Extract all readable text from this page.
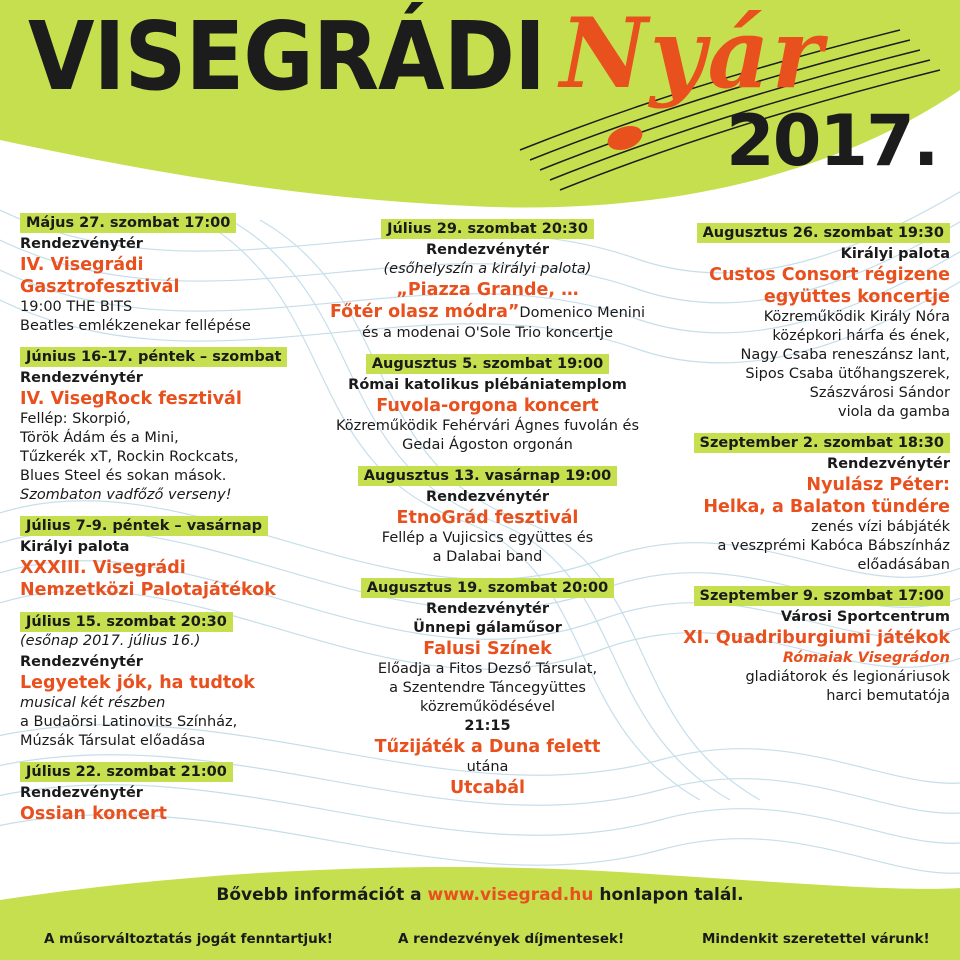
VISEGRÁDI Nyár
2017.
Május 27. szombat 17:00
Rendezvénytér
IV. Visegrádi Gasztrofesztivál
19:00 THE BITS
Beatles emlékzenekar fellépése
Június 16-17. péntek – szombat
Rendezvénytér
IV. VisegRock fesztivál
Fellép: Skorpió,
Török Ádám és a Mini,
Tűzkerék xT, Rockin Rockcats,
Blues Steel és sokan mások.
Szombaton vadfőző verseny!
Július 7-9. péntek – vasárnap
Királyi palota
XXXIII. Visegrádi
Nemzetközi Palotajátékok
Július 15. szombat 20:30
(esőnap 2017. július 16.)
Rendezvénytér
Legyetek jók, ha tudtok
musical két részben
a Budaörsi Latinovits Színház,
Múzsák Társulat előadása
Július 22. szombat 21:00
Rendezvénytér
Ossian koncert
Július 29. szombat 20:30
Rendezvénytér
(esőhelyszín a királyi palota)
„Piazza Grande, …
Főtér olasz módra”Domenico Menini
és a modenai O'Sole Trio koncertje
Augusztus 5. szombat 19:00
Római katolikus plébániatemplom
Fuvola-orgona koncert
Közreműködik Fehérvári Ágnes fuvolán és
Gedai Ágoston orgonán
Augusztus 13. vasárnap 19:00
Rendezvénytér
EtnoGrád fesztivál
Fellép a Vujicsics együttes és
a Dalabai band
Augusztus 19. szombat 20:00
Rendezvénytér
Ünnepi gálaműsor
Falusi Színek
Előadja a Fitos Dezső Társulat,
a Szentendre Táncegyüttes
közreműködésével
21:15
Tűzijáték a Duna felett
utána
Utcabál
Augusztus 26. szombat 19:30
Királyi palota
Custos Consort régizene
együttes koncertje
Közreműködik Király Nóra
középkori hárfa és ének,
Nagy Csaba reneszánsz lant,
Sipos Csaba ütőhangszerek,
Szászvárosi Sándor
viola da gamba
Szeptember 2. szombat 18:30
Rendezvénytér
Nyulász Péter:
Helka, a Balaton tündére
zenés vízi bábjáték
a veszprémi Kabóca Bábszínház
előadásában
Szeptember 9. szombat 17:00
Városi Sportcentrum
XI. Quadriburgiumi játékok
Rómaiak Visegrádon
gladiátorok és legionáriusok
harci bemutatója
Bővebb információt a www.visegrad.hu honlapon talál.
A műsorváltoztatás jogát fenntartjuk!	A rendezvények díjmentesek!	Mindenkit szeretettel várunk!
